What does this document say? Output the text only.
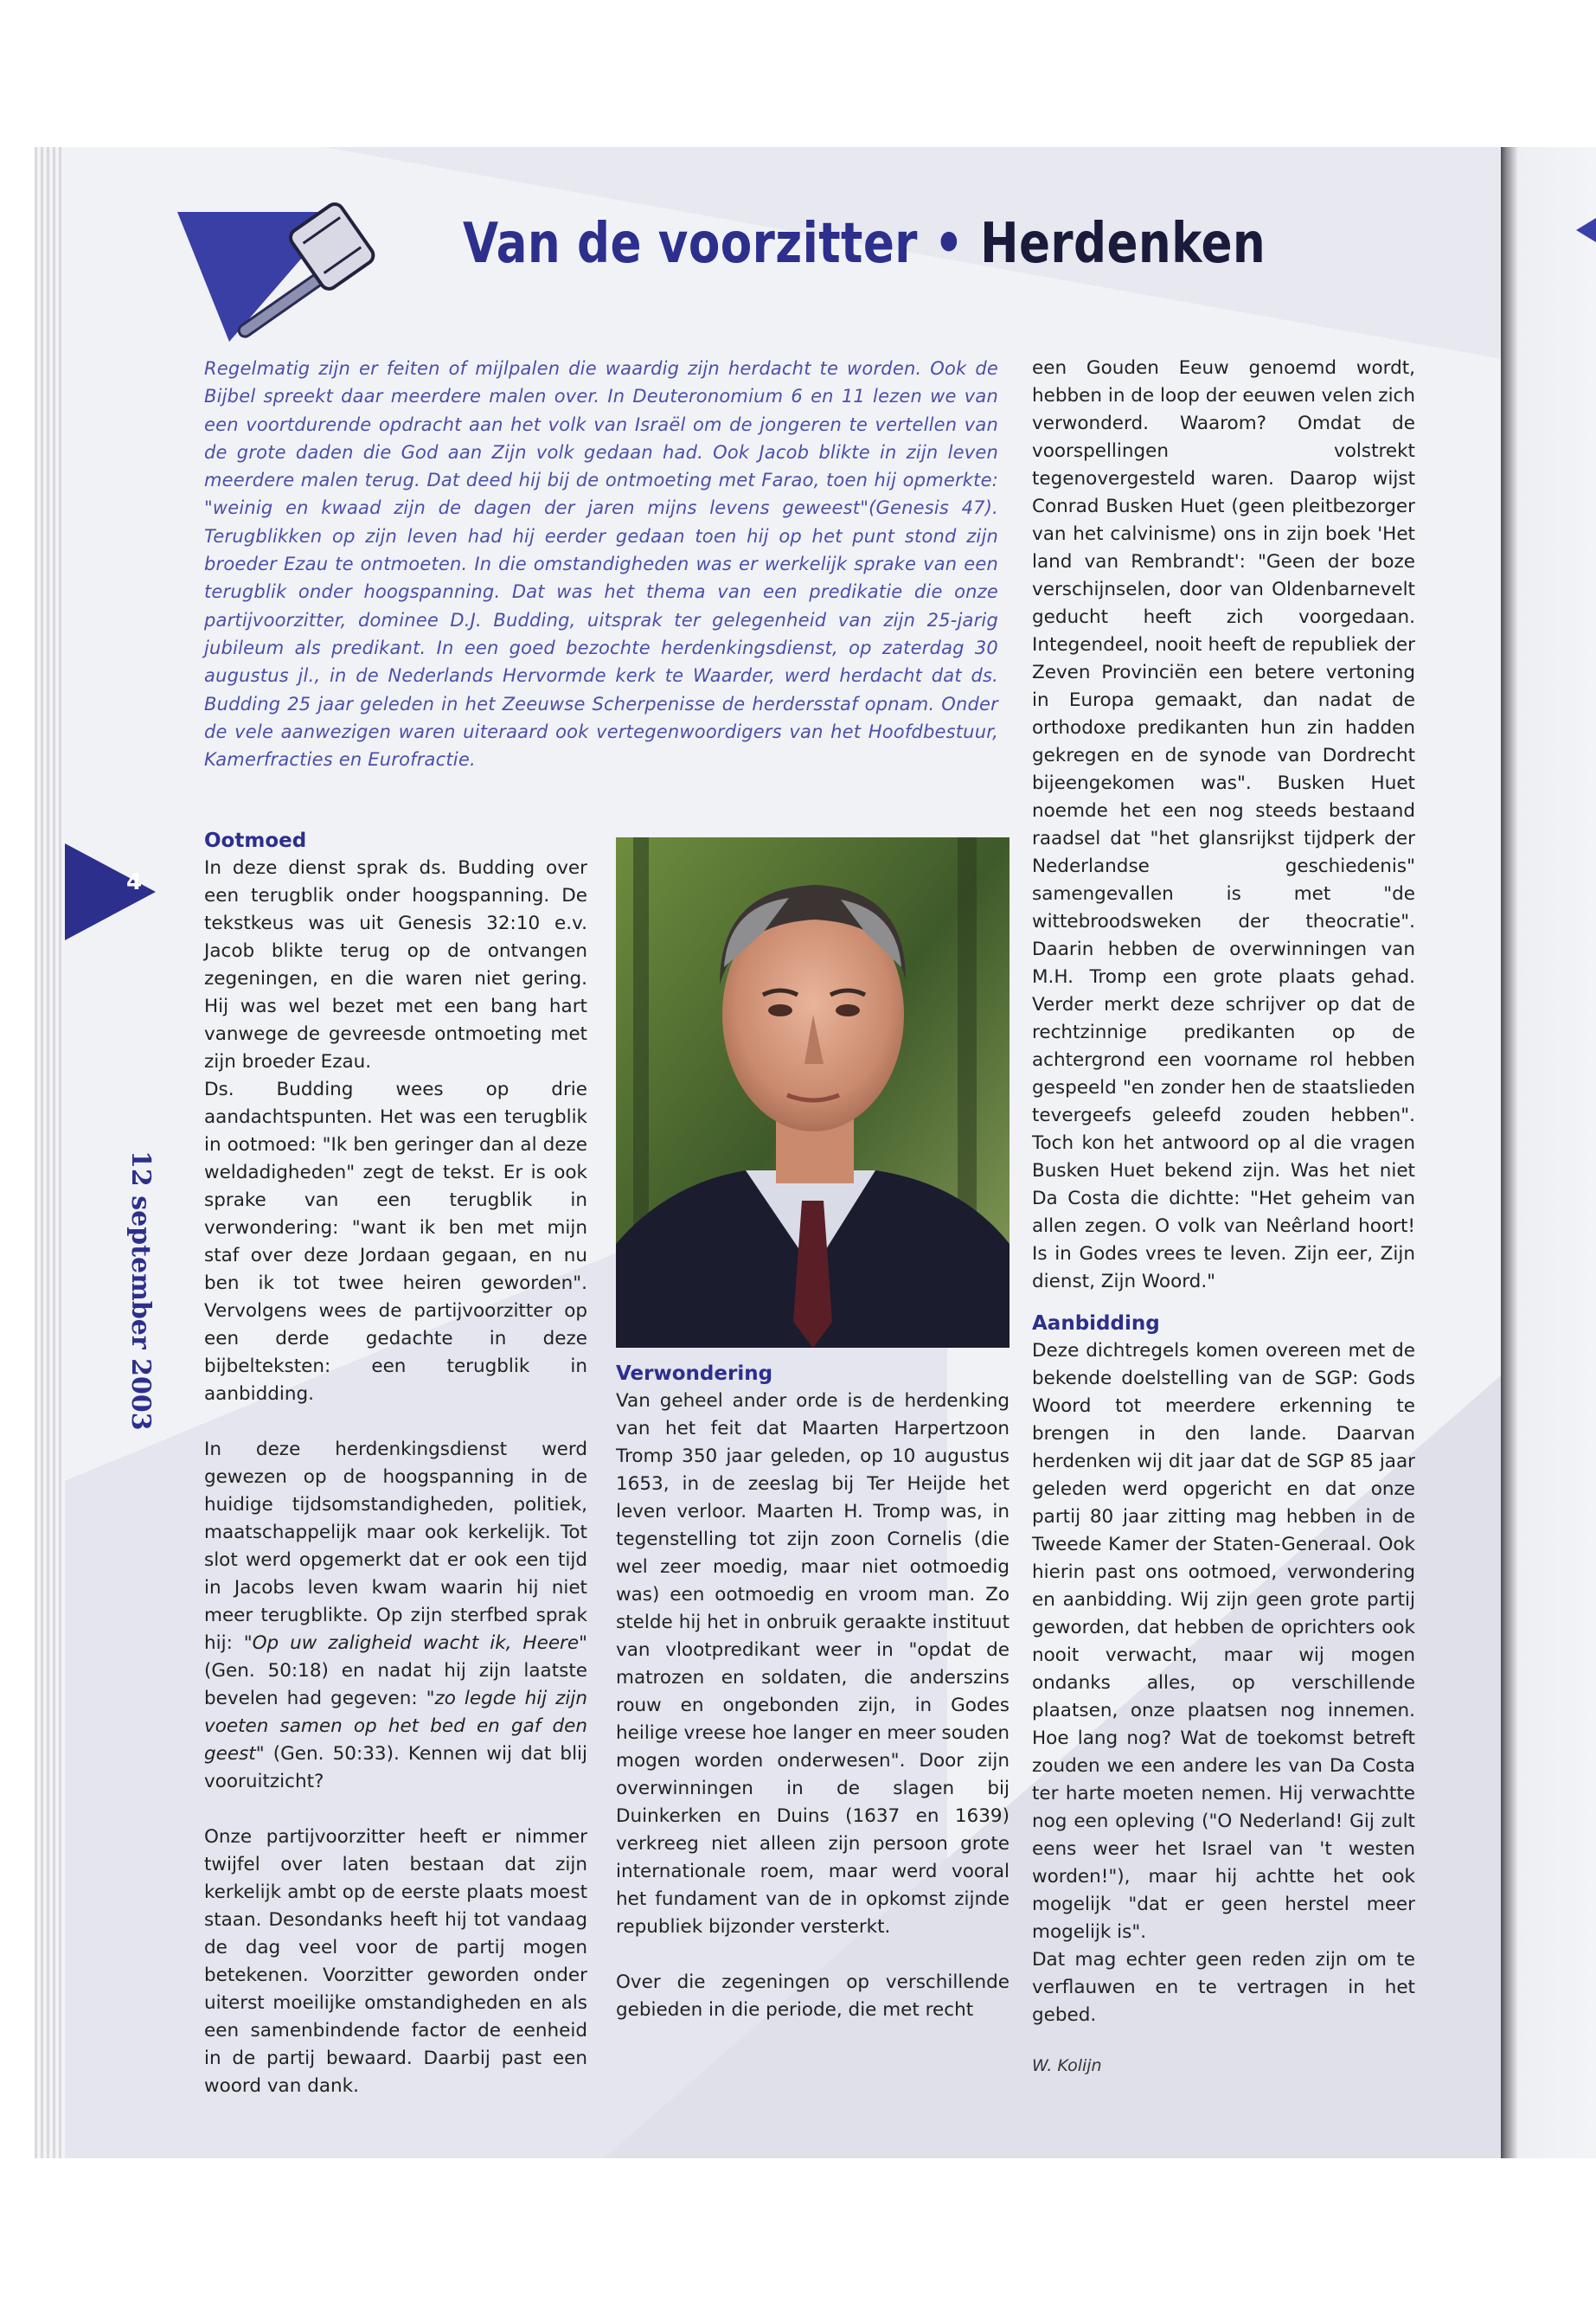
Van de voorzitter • Herdenken
4
12 september 2003

Regelmatig zijn er feiten of mijlpalen die waardig zijn herdacht te worden. Ook de Bijbel spreekt daar meerdere malen over. In Deuteronomium 6 en 11 lezen we van een voortdurende opdracht aan het volk van Israël om de jongeren te vertellen van de grote daden die God aan Zijn volk gedaan had. Ook Jacob blikte in zijn leven meerdere malen terug. Dat deed hij bij de ontmoeting met Farao, toen hij opmerkte: "weinig en kwaad zijn de dagen der jaren mijns levens geweest"(Genesis 47). Terugblikken op zijn leven had hij eerder gedaan toen hij op het punt stond zijn broeder Ezau te ontmoeten. In die omstandigheden was er werkelijk sprake van een terugblik onder hoogspanning. Dat was het thema van een predikatie die onze partijvoorzitter, dominee D.J. Budding, uitsprak ter gelegenheid van zijn 25-jarig jubileum als predikant. In een goed bezochte herdenkingsdienst, op zaterdag 30 augustus jl., in de Nederlands Hervormde kerk te Waarder, werd herdacht dat ds. Budding 25 jaar geleden in het Zeeuwse Scherpenisse de herdersstaf opnam. Onder de vele aanwezigen waren uiteraard ook vertegenwoordigers van het Hoofdbestuur, Kamerfracties en Eurofractie.

Ootmoed

In deze dienst sprak ds. Budding over een terugblik onder hoogspanning. De tekstkeus was uit Genesis 32:10 e.v. Jacob blikte terug op de ontvangen zegeningen, en die waren niet gering. Hij was wel bezet met een bang hart vanwege de gevreesde ontmoeting met zijn broeder Ezau.

Ds. Budding wees op drie aandachtspunten. Het was een terugblik in ootmoed: "Ik ben geringer dan al deze weldadigheden" zegt de tekst. Er is ook sprake van een terugblik in verwondering: "want ik ben met mijn staf over deze Jordaan gegaan, en nu ben ik tot twee heiren geworden". Vervolgens wees de partijvoorzitter op een derde gedachte in deze bijbelteksten: een terugblik in aanbidding.

In deze herdenkingsdienst werd gewezen op de hoogspanning in de huidige tijdsomstandigheden, politiek, maatschappelijk maar ook kerkelijk. Tot slot werd opgemerkt dat er ook een tijd in Jacobs leven kwam waarin hij niet meer terugblikte. Op zijn sterfbed sprak hij: "Op uw zaligheid wacht ik, Heere" (Gen. 50:18) en nadat hij zijn laatste bevelen had gegeven: "zo legde hij zijn voeten samen op het bed en gaf den geest" (Gen. 50:33). Kennen wij dat blij vooruitzicht?

Onze partijvoorzitter heeft er nimmer twijfel over laten bestaan dat zijn kerkelijk ambt op de eerste plaats moest staan. Desondanks heeft hij tot vandaag de dag veel voor de partij mogen betekenen. Voorzitter geworden onder uiterst moeilijke omstandigheden en als een samenbindende factor de eenheid in de partij bewaard. Daarbij past een woord van dank.

Verwondering

Van geheel ander orde is de herdenking van het feit dat Maarten Harpertzoon Tromp 350 jaar geleden, op 10 augustus 1653, in de zeeslag bij Ter Heijde het leven verloor. Maarten H. Tromp was, in tegenstelling tot zijn zoon Cornelis (die wel zeer moedig, maar niet ootmoedig was) een ootmoedig en vroom man. Zo stelde hij het in onbruik geraakte instituut van vlootpredikant weer in "opdat de matrozen en soldaten, die anderszins rouw en ongebonden zijn, in Godes heilige vreese hoe langer en meer souden mogen worden onderwesen". Door zijn overwinningen in de slagen bij Duinkerken en Duins (1637 en 1639) verkreeg niet alleen zijn persoon grote internationale roem, maar werd vooral het fundament van de in opkomst zijnde republiek bijzonder versterkt.

Over die zegeningen op verschillende gebieden in die periode, die met recht

een Gouden Eeuw genoemd wordt, hebben in de loop der eeuwen velen zich verwonderd. Waarom? Omdat de voorspellingen volstrekt tegenovergesteld waren. Daarop wijst Conrad Busken Huet (geen pleitbezorger van het calvinisme) ons in zijn boek 'Het land van Rembrandt': "Geen der boze verschijnselen, door van Oldenbarnevelt geducht heeft zich voorgedaan. Integendeel, nooit heeft de republiek der Zeven Provinciën een betere vertoning in Europa gemaakt, dan nadat de orthodoxe predikanten hun zin hadden gekregen en de synode van Dordrecht bijeengekomen was". Busken Huet noemde het een nog steeds bestaand raadsel dat "het glansrijkst tijdperk der Nederlandse geschiedenis" samengevallen is met "de wittebroodsweken der theocratie". Daarin hebben de overwinningen van M.H. Tromp een grote plaats gehad. Verder merkt deze schrijver op dat de rechtzinnige predikanten op de achtergrond een voorname rol hebben gespeeld "en zonder hen de staatslieden tevergeefs geleefd zouden hebben". Toch kon het antwoord op al die vragen Busken Huet bekend zijn. Was het niet Da Costa die dichtte: "Het geheim van allen zegen. O volk van Neêrland hoort! Is in Godes vrees te leven. Zijn eer, Zijn dienst, Zijn Woord."

Aanbidding

Deze dichtregels komen overeen met de bekende doelstelling van de SGP: Gods Woord tot meerdere erkenning te brengen in den lande. Daarvan herdenken wij dit jaar dat de SGP 85 jaar geleden werd opgericht en dat onze partij 80 jaar zitting mag hebben in de Tweede Kamer der Staten-Generaal. Ook hierin past ons ootmoed, verwondering en aanbidding. Wij zijn geen grote partij geworden, dat hebben de oprichters ook nooit verwacht, maar wij mogen ondanks alles, op verschillende plaatsen, onze plaatsen nog innemen. Hoe lang nog? Wat de toekomst betreft zouden we een andere les van Da Costa ter harte moeten nemen. Hij verwachtte nog een opleving ("O Nederland! Gij zult eens weer het Israel van 't westen worden!"), maar hij achtte het ook mogelijk "dat er geen herstel meer mogelijk is".

Dat mag echter geen reden zijn om te verflauwen en te vertragen in het gebed.

W. Kolijn
